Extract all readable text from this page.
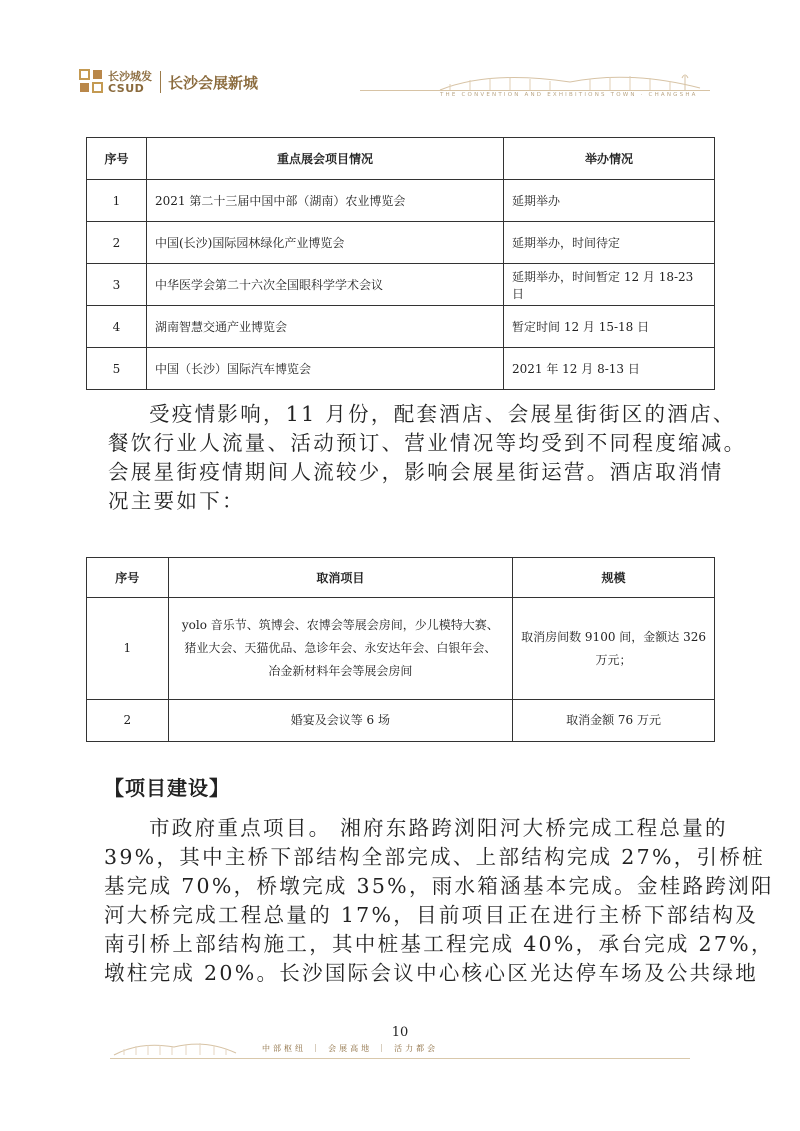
长沙城发
CSUD 长沙会展新城
THE CONVENTION AND EXHIBITIONS TOWN · CHANGSHA
序号	重点展会项目情况	举办情况
1	2021 第二十三届中国中部（湖南）农业博览会	延期举办
2	中国(长沙)国际园林绿化产业博览会	延期举办，时间待定
3	中华医学会第二十六次全国眼科学学术会议	延期举办，时间暂定 12 月 18-23 日
4	湖南智慧交通产业博览会	暂定时间 12 月 15-18 日
5	中国（长沙）国际汽车博览会	2021 年 12 月 8-13 日
受疫情影响，11 月份，配套酒店、会展星街街区的酒店、
餐饮行业人流量、活动预订、营业情况等均受到不同程度缩减。
会展星街疫情期间人流较少，影响会展星街运营。酒店取消情
况主要如下：
序号	取消项目	规模
1	yolo 音乐节、筑博会、农博会等展会房间，少儿模特大赛、
猪业大会、天猫优品、急诊年会、永安达年会、白银年会、
冶金新材料年会等展会房间	取消房间数 9100 间，金额达 326
万元；

2	婚宴及会议等 6 场	取消金额 76 万元
【项目建设】
市政府重点项目。 湘府东路跨浏阳河大桥完成工程总量的
39%，其中主桥下部结构全部完成、上部结构完成 27%，引桥桩
基完成 70%，桥墩完成 35%，雨水箱涵基本完成。金桂路跨浏阳
河大桥完成工程总量的 17%，目前项目正在进行主桥下部结构及
南引桥上部结构施工，其中桩基工程完成 40%，承台完成 27%，
墩柱完成 20%。长沙国际会议中心核心区光达停车场及公共绿地
10
中部枢纽 ｜ 会展高地 ｜ 活力都会
